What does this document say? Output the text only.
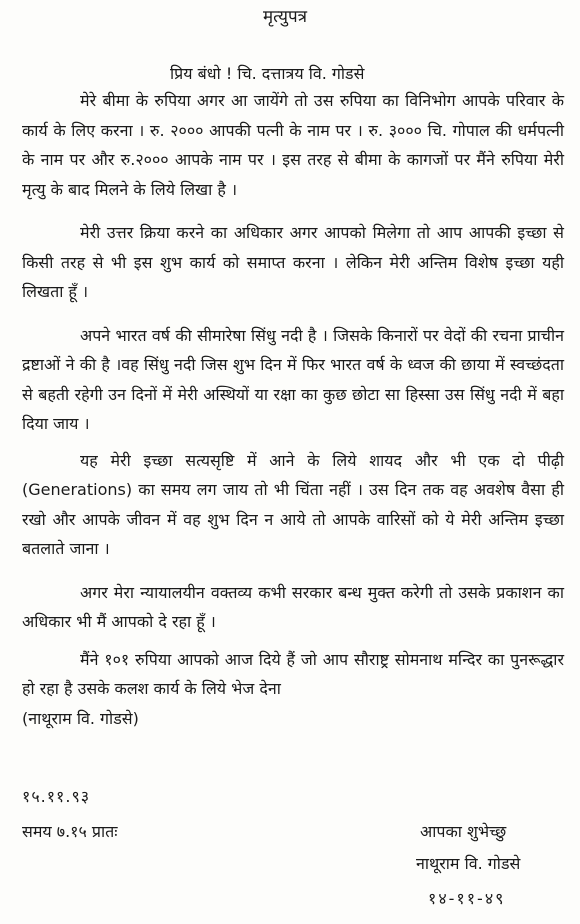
मृत्युपत्र
प्रिय बंधो ! चि. दत्तात्रय वि. गोडसे

मेरे बीमा के रुपिया अगर आ जायेंगे तो उस रुपिया का विनिभोग आपके परिवार के कार्य के लिए करना । रु. २००० आपकी पत्नी के नाम पर । रु. ३००० चि. गोपाल की धर्मपत्नी के नाम पर और रु.२००० आपके नाम पर । इस तरह से बीमा के कागजों पर मैंने रुपिया मेरी मृत्यु के बाद मिलने के लिये लिखा है ।

मेरी उत्तर क्रिया करने का अधिकार अगर आपको मिलेगा तो आप आपकी इच्छा से किसी तरह से भी इस शुभ कार्य को समाप्त करना । लेकिन मेरी अन्तिम विशेष इच्छा यही लिखता हूँ ।

अपने भारत वर्ष की सीमारेषा सिंधु नदी है । जिसके किनारों पर वेदों की रचना प्राचीन द्रष्टाओं ने की है ।वह सिंधु नदी जिस शुभ दिन में फिर भारत वर्ष के ध्वज की छाया में स्वच्छंदता से बहती रहेगी उन दिनों में मेरी अस्थियों या रक्षा का कुछ छोटा सा हिस्सा उस सिंधु नदी में बहा दिया जाय ।

यह मेरी इच्छा सत्यसृष्टि में आने के लिये शायद और भी एक दो पीढ़ी (Generations) का समय लग जाय तो भी चिंता नहीं । उस दिन तक वह अवशेष वैसा ही रखो और आपके जीवन में वह शुभ दिन न आये तो आपके वारिसों को ये मेरी अन्तिम इच्छा बतलाते जाना ।

अगर मेरा न्यायालयीन वक्तव्य कभी सरकार बन्ध मुक्त करेगी तो उसके प्रकाशन का अधिकार भी मैं आपको दे रहा हूँ ।

मैंने १०१ रुपिया आपको आज दिये हैं जो आप सौराष्ट्र सोमनाथ मन्दिर का पुनरूद्धार हो रहा है उसके कलश कार्य के लिये भेज देना
(नाथूराम वि. गोडसे)
१५.११.९३
समय ७.१५ प्रातः	आपका शुभेच्छु
नाथूराम वि. गोडसे
१४-११-४९
